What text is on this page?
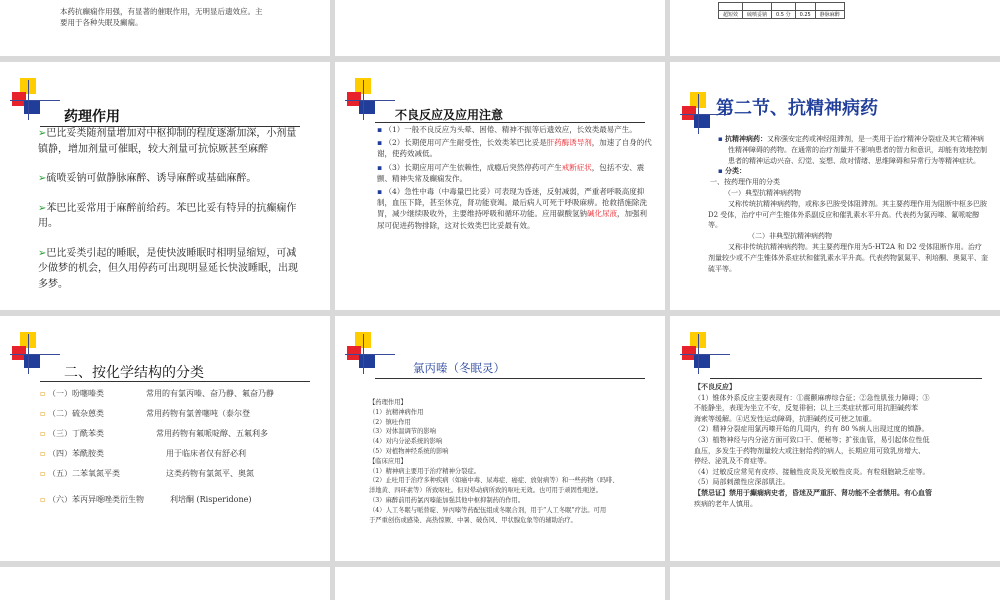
本药抗癫痫作用强，有显著的催眠作用，无明显后遗效应。主
要用于各种失眠及癫痫。

超短效	硫喷妥钠	0.5 分	0.25	静脉麻醉
药理作用
➢巴比妥类随剂量增加对中枢抑制的程度逐渐加深，小剂量镇静，增加剂量可催眠，较大剂量可抗惊厥甚至麻醉
➢硫喷妥钠可做静脉麻醉、诱导麻醉或基础麻醉。
➢苯巴比妥常用于麻醉前给药。苯巴比妥有特异的抗癫痫作用。
➢巴比妥类引起的睡眠，是使快波睡眠时相明显缩短，可减少做梦的机会，但久用停药可出现明显延长快波睡眠，出现多梦。
不良反应及应用注意
▪ （1）一般不良反应为头晕、困倦、精神不振等后遗效应，长效类最易产生。
▪ （2）长期使用可产生耐受性，长效类苯巴比妥是肝药酶诱导剂，加速了自身的代谢，使药效减低。
▪ （3）长期应用可产生依赖性，成瘾后突然停药可产生戒断症状，包括不安、震颤、精神失常及癫痫发作。
▪ （4）急性中毒（中毒量巴比妥）可表现为昏迷，反射减弱，严重者呼吸高度抑制，血压下降，甚至休克，肾功能衰竭。最后病人可死于呼吸麻痹。抢救措施除洗胃，减少继续吸收外，主要维持呼吸和循环功能。应用碳酸氢钠碱化尿液，加强利尿可促进药物排除，这对长效类巴比妥最有效。
第二节、抗精神病药
▪ 抗精神病药：又称强安定药或神经阻滞剂，是一类用于治疗精神分裂症及其它精神病性精神障碍的药物。在通常的治疗剂量并不影响患者的智力和意识，却能有效地控制患者的精神运动兴奋、幻觉、妄想、敌对情绪、思维障碍和异常行为等精神症状。
▪ 分类：
一、按药理作用的分类
（一）典型抗精神病药物
又称传统抗精神病药物，或称多巴胺受体阻滞剂。其主要药理作用为阻断中枢多巴胺 D2 受体，治疗中可产生锥体外系副反应和催乳素水平升高。代表药为氯丙嗪、氟哌啶醇等。
（二）非典型抗精神病药物
又称非传统抗精神病药物。其主要药理作用为5-HT2A 和 D2 受体阻断作用。治疗剂量较少或不产生锥体外系症状和催乳素水平升高。代表药物氯氮平、利培酮、奥氮平、奎硫平等。
二、按化学结构的分类
▫ （一）吩噻嗪类	常用的有氯丙嗪、奋乃静、氟奋乃静
▫ （二）硫杂蒽类	常用药物有氯普噻吨（泰尔登
▫ （三）丁酰苯类	常用药物有氟哌啶醇、五氟利多
▫ （四）苯酰胺类	用于临床者仅有舒必利
▫ （五）二苯氧氮平类	这类药物有氯氮平、奥氮
▫ （六）苯丙异噁唑类衍生物	利培酮 (Risperidone)
氯丙嗪（冬眠灵）
【药理作用】
（1）抗精神病作用
（2）镇吐作用
（3）对体温调节的影响
（4）对内分泌系统的影响
（5）对植物神经系统的影响
【临床应用】
（1）精神病主要用于治疗精神分裂症。
（2）止吐用于治疗多种疾病（如癌中毒、尿毒症、癌症、放射病等）和一些药物（吗啡、
洋地黄、四环素等）所致呕吐。但对晕动病所致的呕吐无效。也可用于顽固性呃逆。
（3）麻醉前用药氯丙嗪能加强其他中枢抑制药的作用。
（4）人工冬眠与哌替啶、异丙嗪等药配伍组成冬眠合剂，用于“人工冬眠”疗法。可用
于严重创伤或感染、高热惊厥、中暑、破伤风、甲状腺危象等的辅助治疗。
【不良反应】
（1）锥体外系反应主要表现有：①震颤麻痹综合征；②急性肌张力障碍；③
不能静坐，表现为坐立不安，反复徘徊；以上三类症状都可用抗胆碱药苯
海索等缓解。④迟发性运动障碍，抗胆碱药反可使之加重。
（2）精神分裂症用氯丙嗪开始的几周内，约有 80 %病人出现过度的镇静。
（3）植物神经与内分泌方面可致口干、便秘等；扩张血管，易引起体位性低
血压，多发生于药物剂量较大或注射给药的病人，长期应用可致乳房增大、
停经、泌乳及不育症等。
（4）过敏反应常见有皮疹、接触性皮炎及光敏性皮炎。有粒细胞缺乏症等。
（5）局部刺激性应深部肌注。
【禁忌证】禁用于癫痫病史者，昏迷及严重肝、肾功能不全者禁用。有心血管
疾病的老年人慎用。
